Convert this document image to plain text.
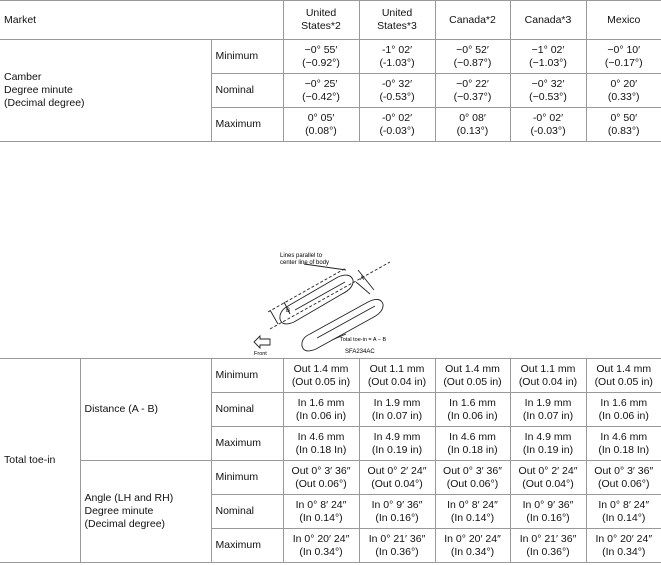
Market		United
States*2	United
States*3	Canada*2	Canada*3	Mexico

Camber
Degree minute
(Decimal degree)	Minimum	−0° 55′
(−0.92°)	-1° 02′
(-1.03°)	−0° 52′
(−0.87°)	−1° 02′
(−1.03°)	−0° 10′
(−0.17°)

	Nominal	−0° 25′
(−0.42°)	-0° 32′
(-0.53°)	−0° 22′
(−0.37°)	−0° 32′
(−0.53°)	0° 20′
(0.33°)

	Maximum	0° 05′
(0.08°)	-0° 02′
(-0.03°)	0° 08′
(0.13°)	-0° 02′
(-0.03°)	0° 50′
(0.83°)
Lines parallel to
center line of body
A
B
Front
Total toe-in = A − B
SFA234AC
Total toe-in	Distance (A - B)	Minimum	Out 1.4 mm
(Out 0.05 in)	Out 1.1 mm
(Out 0.04 in)	Out 1.4 mm
(Out 0.05 in)	Out 1.1 mm
(Out 0.04 in)	Out 1.4 mm
(Out 0.05 in)

		Nominal	In 1.6 mm
(In 0.06 in)	In 1.9 mm
(In 0.07 in)	In 1.6 mm
(In 0.06 in)	In 1.9 mm
(In 0.07 in)	In 1.6 mm
(In 0.06 in)

		Maximum	In 4.6 mm
(In 0.18 In)	In 4.9 mm
(In 0.19 in)	In 4.6 mm
(In 0.18 in)	In 4.9 mm
(In 0.19 in)	In 4.6 mm
(In 0.18 In)

	Angle (LH and RH)
Degree minute
(Decimal degree)	Minimum	Out 0° 3′ 36″
(Out 0.06°)	Out 0° 2′ 24″
(Out 0.04°)	Out 0° 3′ 36″
(Out 0.06°)	Out 0° 2′ 24″
(Out 0.04°)	Out 0° 3′ 36″
(Out 0.06°)

		Nominal	In 0° 8′ 24″
(In 0.14°)	In 0° 9′ 36″
(In 0.16°)	In 0° 8′ 24″
(In 0.14°)	In 0° 9′ 36″
(In 0.16°)	In 0° 8′ 24″
(In 0.14°)

		Maximum	In 0° 20′ 24″
(In 0.34°)	In 0° 21′ 36″
(In 0.36°)	In 0° 20′ 24″
(In 0.34°)	In 0° 21′ 36″
(In 0.36°)	In 0° 20′ 24″
(In 0.34°)
